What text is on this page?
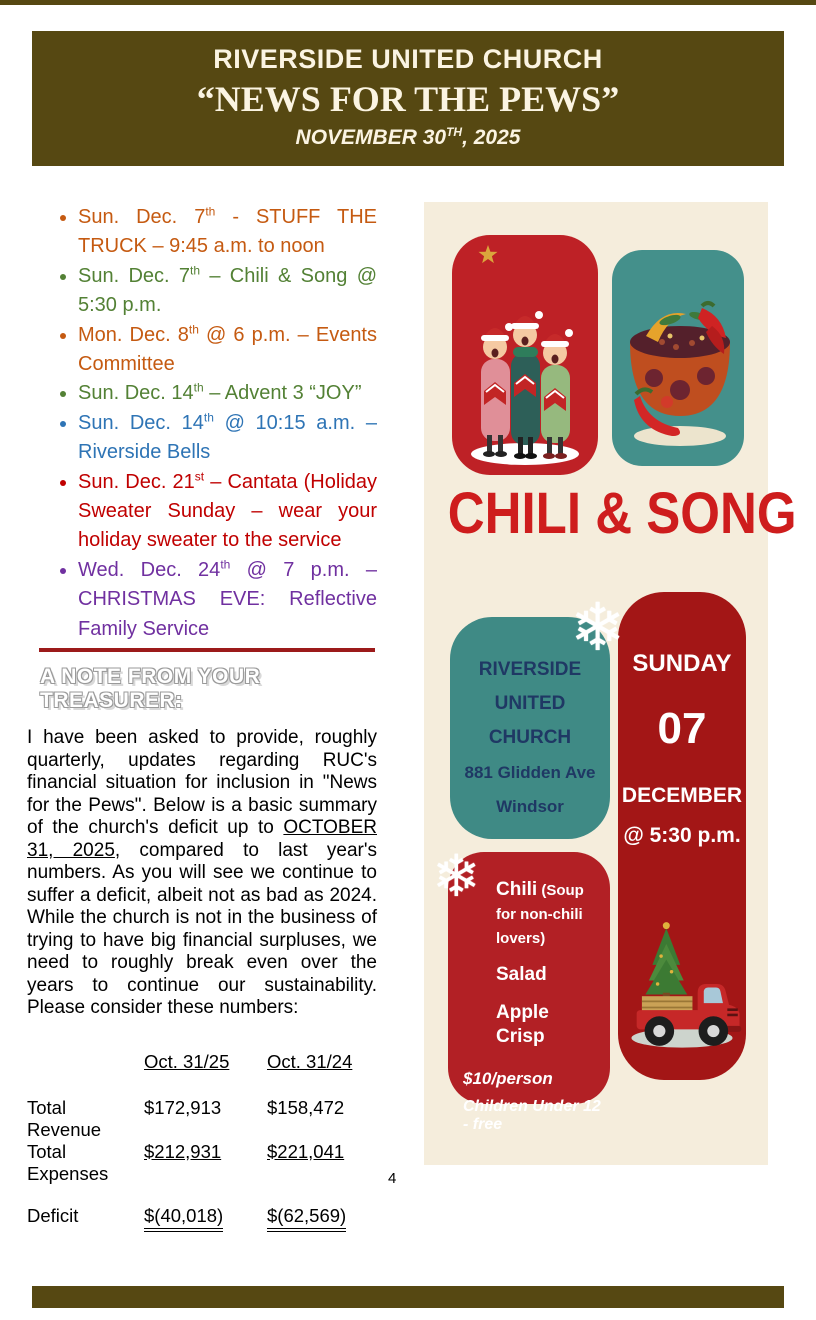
RIVERSIDE UNITED CHURCH
“NEWS FOR THE PEWS”
NOVEMBER 30TH, 2025
• Sun. Dec. 7th - STUFF THE TRUCK – 9:45 a.m. to noon
• Sun. Dec. 7th – Chili & Song @ 5:30 p.m.
• Mon. Dec. 8th @ 6 p.m. – Events Committee
• Sun. Dec. 14th – Advent 3 “JOY”
• Sun. Dec. 14th @ 10:15 a.m. – Riverside Bells
• Sun. Dec. 21st – Cantata (Holiday Sweater Sunday – wear your holiday sweater to the service
• Wed. Dec. 24th @ 7 p.m. – CHRISTMAS EVE: Reflective Family Service
A NOTE FROM YOUR TREASURER:

I have been asked to provide, roughly quarterly, updates regarding RUC's financial situation for inclusion in "News for the Pews". Below is a basic summary of the church's deficit up to OCTOBER 31, 2025, compared to last year's numbers. As you will see we continue to suffer a deficit, albeit not as bad as 2024. While the church is not in the business of trying to have big financial surpluses, we need to roughly break even over the years to continue our sustainability. Please consider these numbers:

Oct. 31/25	Oct. 31/24
Total Revenue
$172,913	$158,472
Total Expenses
$212,931	$221,041
Deficit	$(40,018)	$(62,569)
CHILI & SONG
RIVERSIDE UNITED CHURCH
881 Glidden Ave
Windsor
❄ SUNDAY
07
DECEMBER
@ 5:30 p.m.
Chili (Soup for non-chili lovers)
Salad
Apple Crisp
$10/person
Children Under 12 - free
❄
4
